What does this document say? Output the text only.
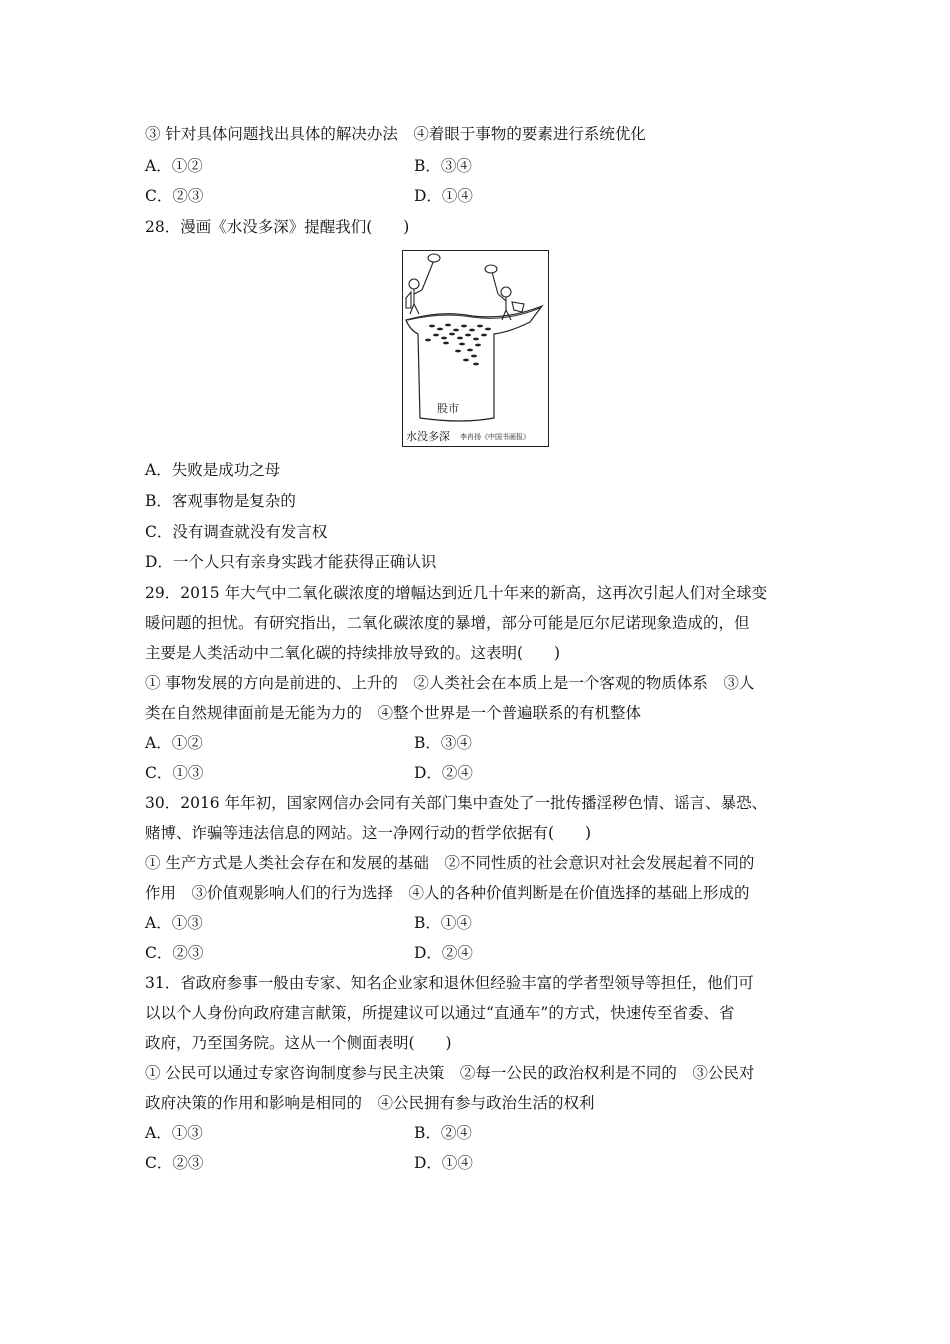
③ 针对具体问题找出具体的解决办法　④着眼于事物的要素进行系统优化
A．①②	B．③④
C．②③	D．①④
28．漫画《水没多深》提醒我们(　　)
股市
水没多深 李肖扬《中国书画报》
A．失败是成功之母
B．客观事物是复杂的
C．没有调查就没有发言权
D．一个人只有亲身实践才能获得正确认识
29．2015 年大气中二氧化碳浓度的增幅达到近几十年来的新高，这再次引起人们对全球变
暖问题的担忧。有研究指出，二氧化碳浓度的暴增，部分可能是厄尔尼诺现象造成的，但
主要是人类活动中二氧化碳的持续排放导致的。这表明(　　)
① 事物发展的方向是前进的、上升的　②人类社会在本质上是一个客观的物质体系　③人
类在自然规律面前是无能为力的　④整个世界是一个普遍联系的有机整体
A．①②	B．③④
C．①③	D．②④
30．2016 年年初，国家网信办会同有关部门集中查处了一批传播淫秽色情、谣言、暴恐、
赌博、诈骗等违法信息的网站。这一净网行动的哲学依据有(　　)
① 生产方式是人类社会存在和发展的基础　②不同性质的社会意识对社会发展起着不同的
作用　③价值观影响人们的行为选择　④人的各种价值判断是在价值选择的基础上形成的
A．①③	B．①④
C．②③	D．②④
31．省政府参事一般由专家、知名企业家和退休但经验丰富的学者型领导等担任，他们可
以以个人身份向政府建言献策，所提建议可以通过“直通车”的方式，快速传至省委、省
政府，乃至国务院。这从一个侧面表明(　　)
① 公民可以通过专家咨询制度参与民主决策　②每一公民的政治权利是不同的　③公民对
政府决策的作用和影响是相同的　④公民拥有参与政治生活的权利
A．①③	B．②④
C．②③	D．①④
